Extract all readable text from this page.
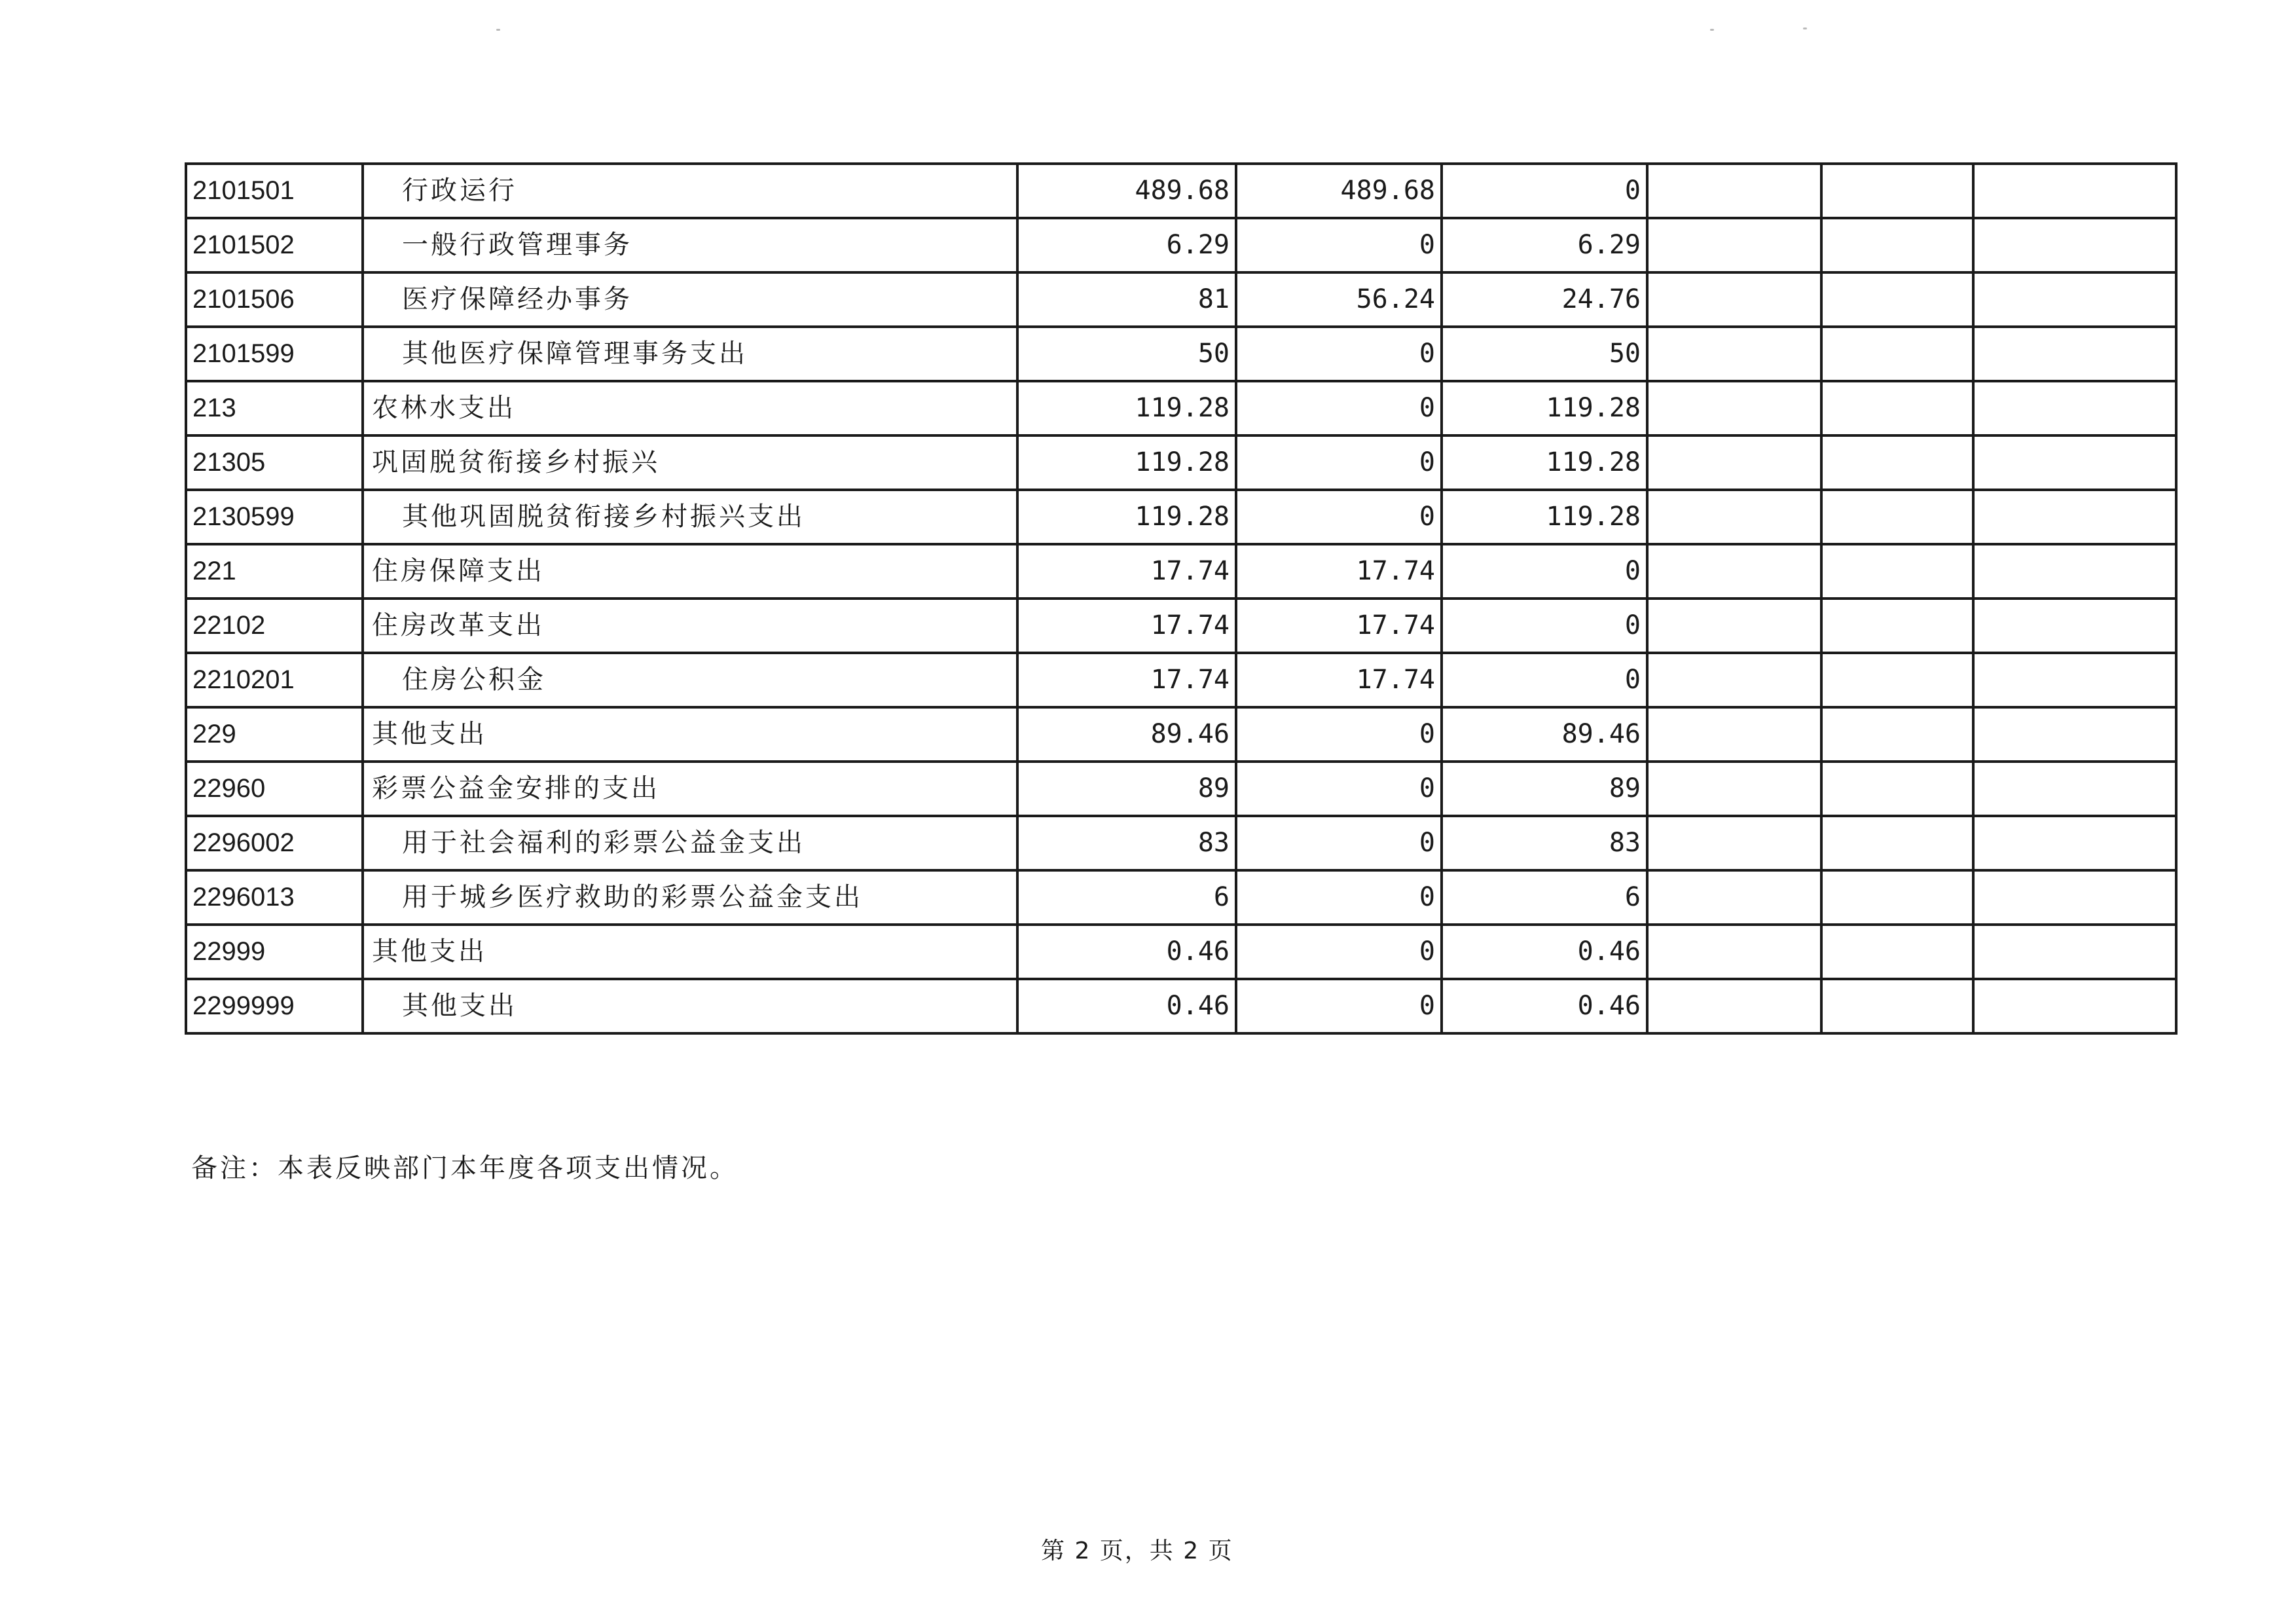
2101501	行政运行	489.68	489.68	0			
2101502	一般行政管理事务	6.29	0	6.29			
2101506	医疗保障经办事务	81	56.24	24.76			
2101599	其他医疗保障管理事务支出	50	0	50			
213	农林水支出	119.28	0	119.28			
21305	巩固脱贫衔接乡村振兴	119.28	0	119.28			
2130599	其他巩固脱贫衔接乡村振兴支出	119.28	0	119.28			
221	住房保障支出	17.74	17.74	0			
22102	住房改革支出	17.74	17.74	0			
2210201	住房公积金	17.74	17.74	0			
229	其他支出	89.46	0	89.46			
22960	彩票公益金安排的支出	89	0	89			
2296002	用于社会福利的彩票公益金支出	83	0	83			
2296013	用于城乡医疗救助的彩票公益金支出	6	0	6			
22999	其他支出	0.46	0	0.46			
2299999	其他支出	0.46	0	0.46			
备注：本表反映部门本年度各项支出情况。
第 2 页，共 2 页
